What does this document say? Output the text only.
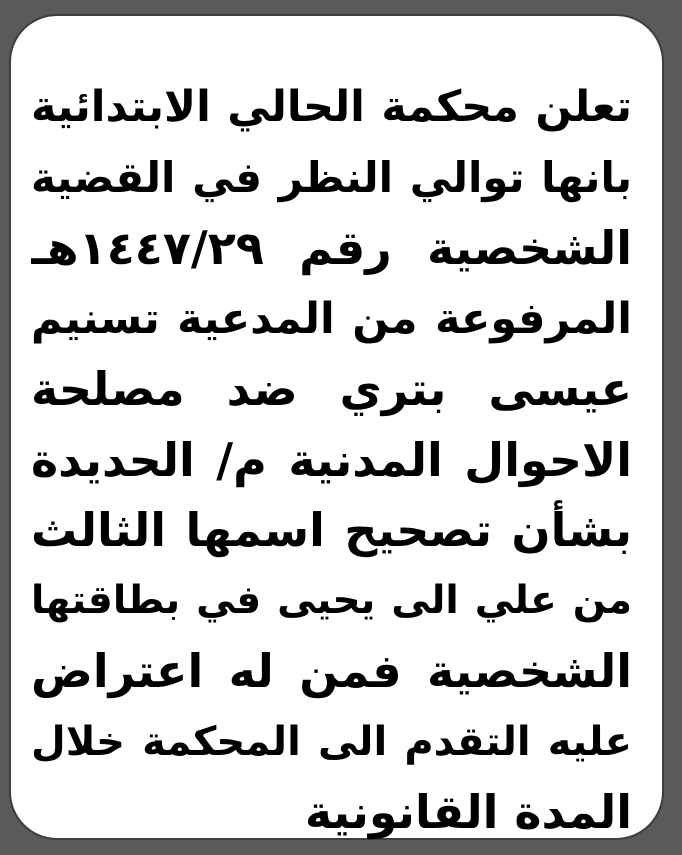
تعلن محكمة الحالي الابتدائية
بانها توالي النظر في القضية
الشخصية رقم ١٤٤٧/٢٩هـ
المرفوعة من المدعية تسنيم
عيسى بتري ضد مصلحة
الاحوال المدنية م/ الحديدة
بشأن تصحيح اسمها الثالث
من علي الى يحيى في بطاقتها
الشخصية فمن له اعتراض
عليه التقدم الى المحكمة خلال
المدة القانونية
